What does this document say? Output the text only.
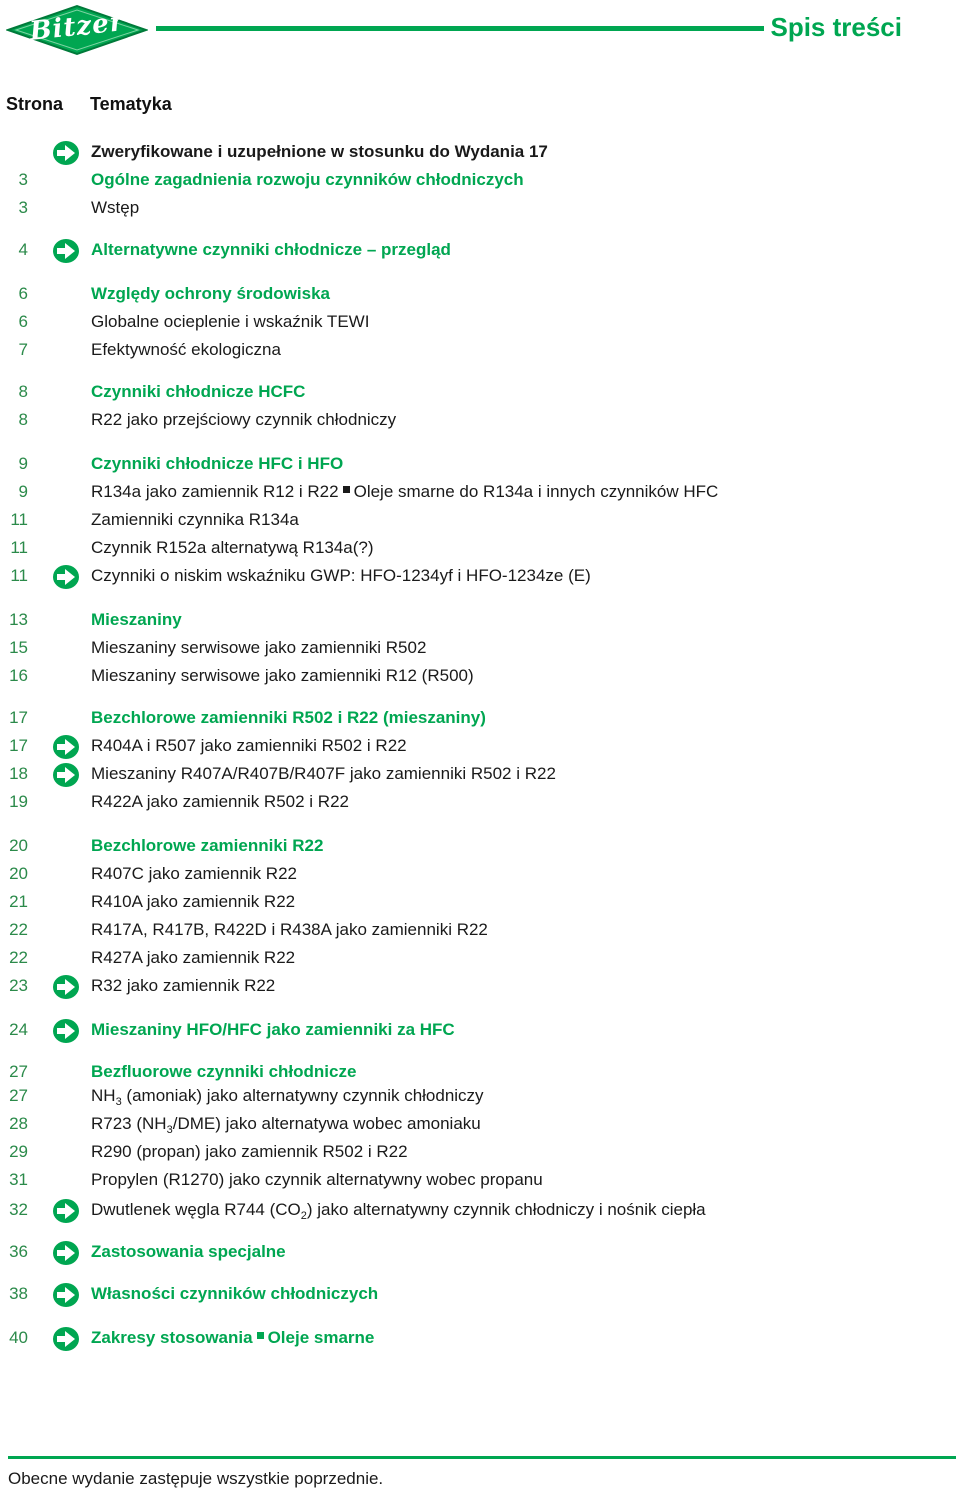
Bitzer	Spis treści
Strona Tematyka
Zweryfikowane i uzupełnione w stosunku do Wydania 17
3	Ogólne zagadnienia rozwoju czynników chłodniczych
3	Wstęp
4	Alternatywne czynniki chłodnicze – przegląd
6	Względy ochrony środowiska
6	Globalne ocieplenie i wskaźnik TEWI
7	Efektywność ekologiczna
8	Czynniki chłodnicze HCFC
8	R22 jako przejściowy czynnik chłodniczy
9	Czynniki chłodnicze HFC i HFO
9	R134a jako zamiennik R12 i R22 Oleje smarne do R134a i innych czynników HFC
11	Zamienniki czynnika R134a
11	Czynnik R152a alternatywą R134a(?)
11	Czynniki o niskim wskaźniku GWP: HFO-1234yf i HFO-1234ze (E)
13	Mieszaniny
15	Mieszaniny serwisowe jako zamienniki R502
16	Mieszaniny serwisowe jako zamienniki R12 (R500)
17	Bezchlorowe zamienniki R502 i R22 (mieszaniny)
17	R404A i R507 jako zamienniki R502 i R22
18	Mieszaniny R407A/R407B/R407F jako zamienniki R502 i R22
19	R422A jako zamiennik R502 i R22
20	Bezchlorowe zamienniki R22
20	R407C jako zamiennik R22
21	R410A jako zamiennik R22
22	R417A, R417B, R422D i R438A jako zamienniki R22
22	R427A jako zamiennik R22
23	R32 jako zamiennik R22
24	Mieszaniny HFO/HFC jako zamienniki za HFC
27	Bezfluorowe czynniki chłodnicze
27	$NH_3$ (amoniak) jako alternatywny czynnik chłodniczy
28	R723 $(NH_3/DME)$ jako alternatywa wobec amoniaku
29	R290 (propan) jako zamiennik R502 i R22
31	Propylen (R1270) jako czynnik alternatywny wobec propanu
32	Dwutlenek węgla R744 $(CO_2)$ jako alternatywny czynnik chłodniczy i nośnik ciepła
36	Zastosowania specjalne
38	Własności czynników chłodniczych
40	Zakresy stosowania Oleje smarne
Obecne wydanie zastępuje wszystkie poprzednie.
